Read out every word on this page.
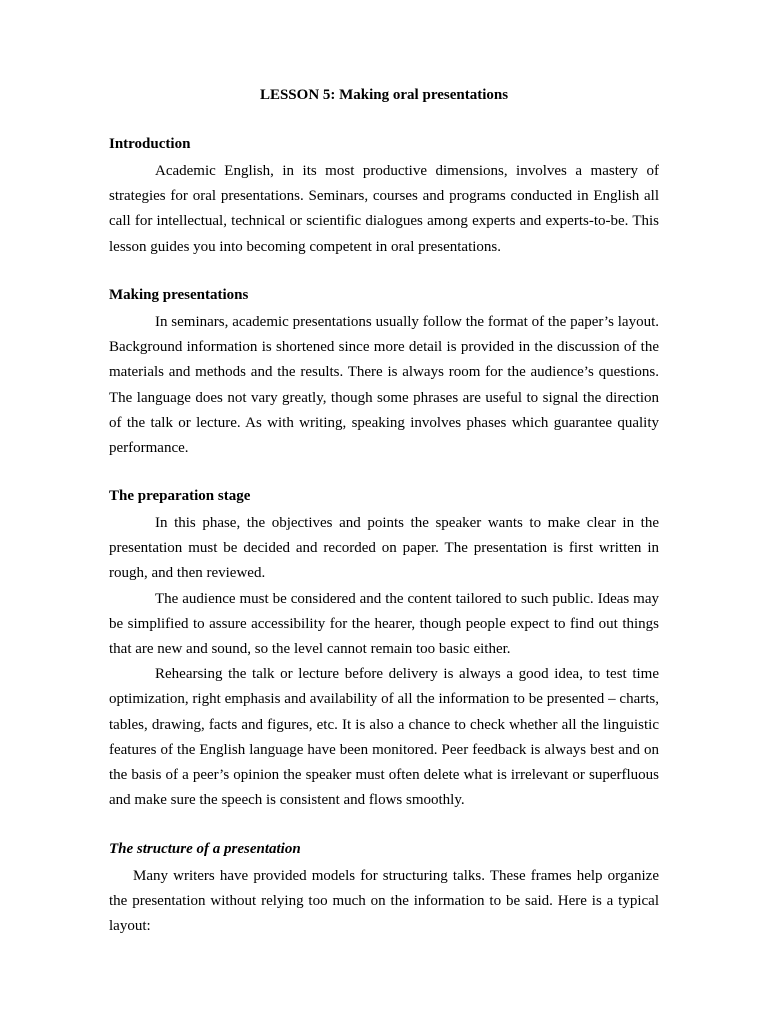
LESSON 5: Making oral presentations
Introduction

Academic English, in its most productive dimensions, involves a mastery of strategies for oral presentations. Seminars, courses and programs conducted in English all call for intellectual, technical or scientific dialogues among experts and experts-to-be. This lesson guides you into becoming competent in oral presentations.

Making presentations

In seminars, academic presentations usually follow the format of the paper’s layout. Background information is shortened since more detail is provided in the discussion of the materials and methods and the results. There is always room for the audience’s questions. The language does not vary greatly, though some phrases are useful to signal the direction of the talk or lecture. As with writing, speaking involves phases which guarantee quality performance.

The preparation stage

In this phase, the objectives and points the speaker wants to make clear in the presentation must be decided and recorded on paper. The presentation is first written in rough, and then reviewed.

The audience must be considered and the content tailored to such public. Ideas may be simplified to assure accessibility for the hearer, though people expect to find out things that are new and sound, so the level cannot remain too basic either.

Rehearsing the talk or lecture before delivery is always a good idea, to test time optimization, right emphasis and availability of all the information to be presented – charts, tables, drawing, facts and figures, etc. It is also a chance to check whether all the linguistic features of the English language have been monitored. Peer feedback is always best and on the basis of a peer’s opinion the speaker must often delete what is irrelevant or superfluous and make sure the speech is consistent and flows smoothly.

The structure of a presentation

Many writers have provided models for structuring talks. These frames help organize the presentation without relying too much on the information to be said. Here is a typical layout:
